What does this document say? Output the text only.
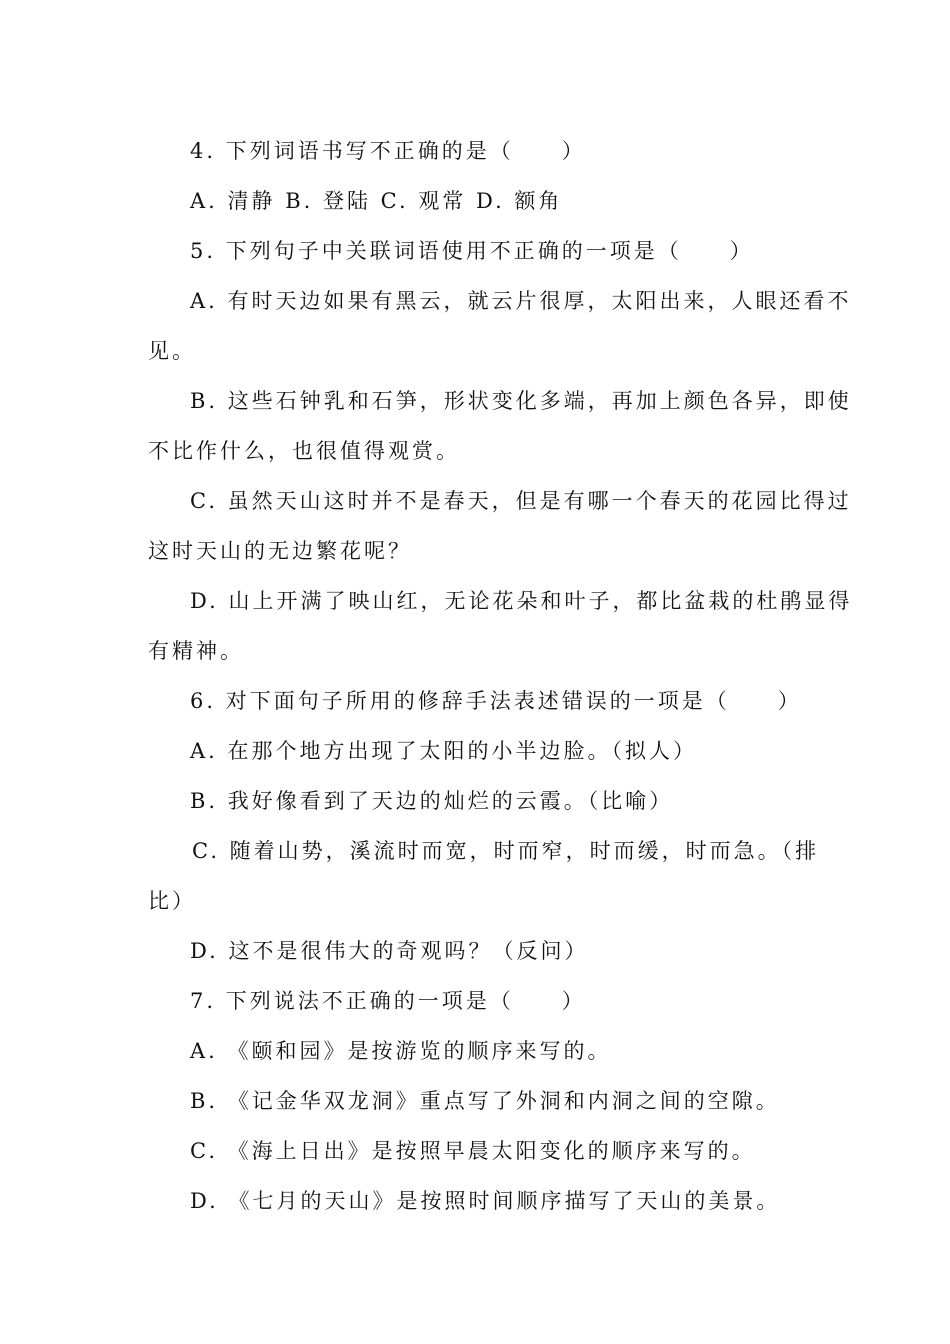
4. 下列词语书写不正确的是（　　）

A. 清静 B. 登陆 C. 观常 D. 额角

5. 下列句子中关联词语使用不正确的一项是（　　）

A. 有时天边如果有黑云，就云片很厚，太阳出来，人眼还看不

见。

B. 这些石钟乳和石笋，形状变化多端，再加上颜色各异，即使

不比作什么，也很值得观赏。

C. 虽然天山这时并不是春天，但是有哪一个春天的花园比得过

这时天山的无边繁花呢？

D. 山上开满了映山红，无论花朵和叶子，都比盆栽的杜鹃显得

有精神。

6. 对下面句子所用的修辞手法表述错误的一项是（　　）

A. 在那个地方出现了太阳的小半边脸。（拟人）

B. 我好像看到了天边的灿烂的云霞。（比喻）

C. 随着山势，溪流时而宽，时而窄，时而缓，时而急。（排

比）

D. 这不是很伟大的奇观吗？（反问）

7. 下列说法不正确的一项是（　　）

A. 《颐和园》是按游览的顺序来写的。

B. 《记金华双龙洞》重点写了外洞和内洞之间的空隙。

C. 《海上日出》是按照早晨太阳变化的顺序来写的。

D. 《七月的天山》是按照时间顺序描写了天山的美景。
